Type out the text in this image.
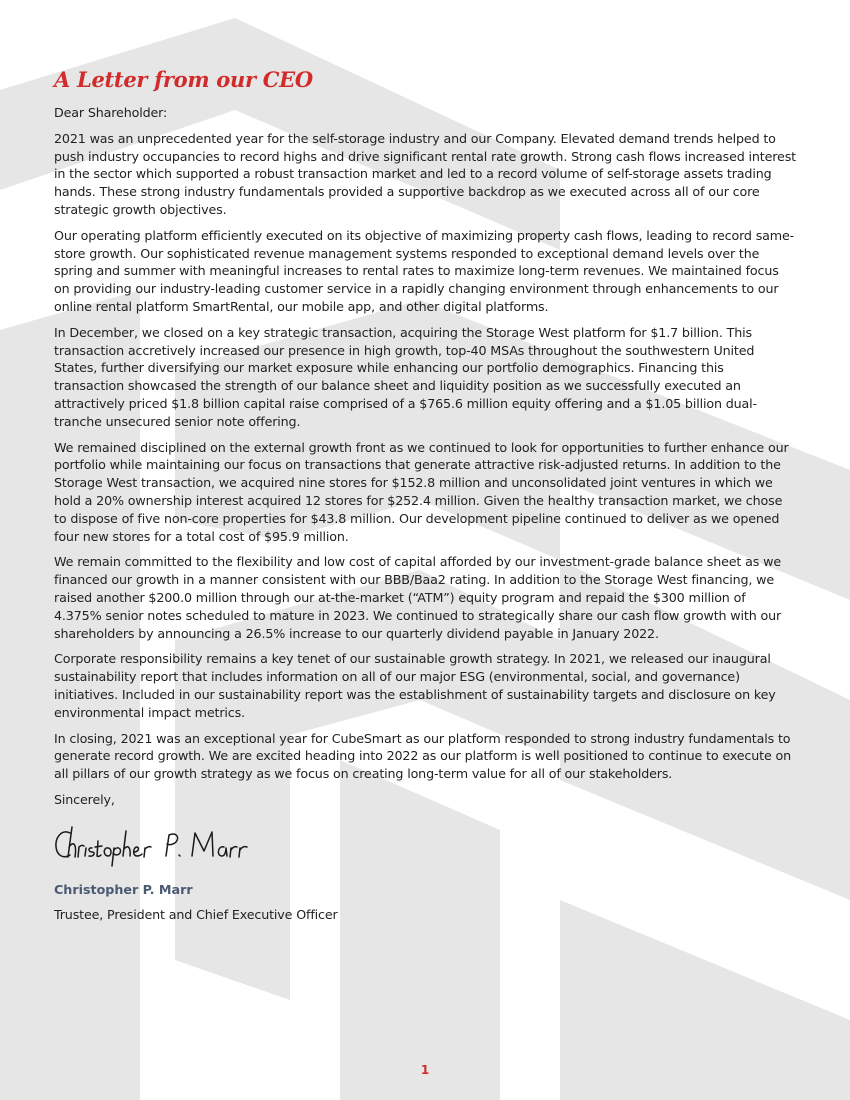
A Letter from our CEO

Dear Shareholder:

2021 was an unprecedented year for the self-storage industry and our Company. Elevated demand trends helped to push industry occupancies to record highs and drive significant rental rate growth. Strong cash flows increased interest in the sector which supported a robust transaction market and led to a record volume of self-storage assets trading hands. These strong industry fundamentals provided a supportive backdrop as we executed across all of our core strategic growth objectives.

Our operating platform efficiently executed on its objective of maximizing property cash flows, leading to record same-store growth. Our sophisticated revenue management systems responded to exceptional demand levels over the spring and summer with meaningful increases to rental rates to maximize long-term revenues. We maintained focus on providing our industry-leading customer service in a rapidly changing environment through enhancements to our online rental platform SmartRental, our mobile app, and other digital platforms.

In December, we closed on a key strategic transaction, acquiring the Storage West platform for $1.7 billion. This transaction accretively increased our presence in high growth, top-40 MSAs throughout the southwestern United States, further diversifying our market exposure while enhancing our portfolio demographics. Financing this transaction showcased the strength of our balance sheet and liquidity position as we successfully executed an attractively priced $1.8 billion capital raise comprised of a $765.6 million equity offering and a $1.05 billion dual-tranche unsecured senior note offering.

We remained disciplined on the external growth front as we continued to look for opportunities to further enhance our portfolio while maintaining our focus on transactions that generate attractive risk-adjusted returns. In addition to the Storage West transaction, we acquired nine stores for $152.8 million and unconsolidated joint ventures in which we hold a 20% ownership interest acquired 12 stores for $252.4 million. Given the healthy transaction market, we chose to dispose of five non-core properties for $43.8 million. Our development pipeline continued to deliver as we opened four new stores for a total cost of $95.9 million.

We remain committed to the flexibility and low cost of capital afforded by our investment-grade balance sheet as we financed our growth in a manner consistent with our BBB/Baa2 rating. In addition to the Storage West financing, we raised another $200.0 million through our at-the-market (“ATM”) equity program and repaid the $300 million of 4.375% senior notes scheduled to mature in 2023. We continued to strategically share our cash flow growth with our shareholders by announcing a 26.5% increase to our quarterly dividend payable in January 2022.

Corporate responsibility remains a key tenet of our sustainable growth strategy. In 2021, we released our inaugural sustainability report that includes information on all of our major ESG (environmental, social, and governance) initiatives. Included in our sustainability report was the establishment of sustainability targets and disclosure on key environmental impact metrics.

In closing, 2021 was an exceptional year for CubeSmart as our platform responded to strong industry fundamentals to generate record growth. We are excited heading into 2022 as our platform is well positioned to continue to execute on all pillars of our growth strategy as we focus on creating long-term value for all of our stakeholders.

Sincerely,

Christopher P. Marr

Trustee, President and Chief Executive Officer

1
